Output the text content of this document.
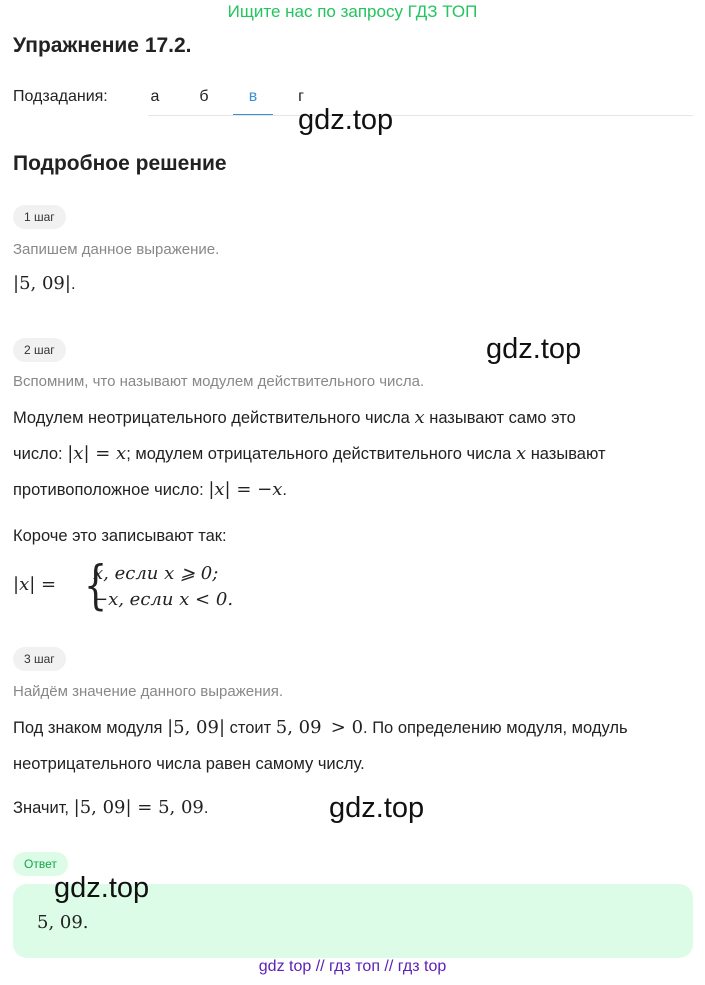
Ищите нас по запросу ГДЗ ТОП
Упражнение 17.2.
Подзадания:	а	б	в	г
gdz.top
Подробное решение
1 шаг
Запишем данное выражение.
|5, 09|.
2 шаг	gdz.top
Вспомним, что называют модулем действительного числа.
Модулем неотрицательного действительного числа x называют само это
число: |x| = x; модулем отрицательного действительного числа x называют
противоположное число: |x| = −x.
Короче это записывают так:
|x| = {
x, если x ⩾ 0;
−x, если x < 0.
3 шаг
Найдём значение данного выражения.
Под знаком модуля |5, 09| стоит 5, 09 > 0. По определению модуля, модуль
неотрицательного числа равен самому числу.
Значит, |5, 09| = 5, 09.	gdz.top
Ответ
5, 09.
gdz.top
gdz top // гдз топ // гдз top
